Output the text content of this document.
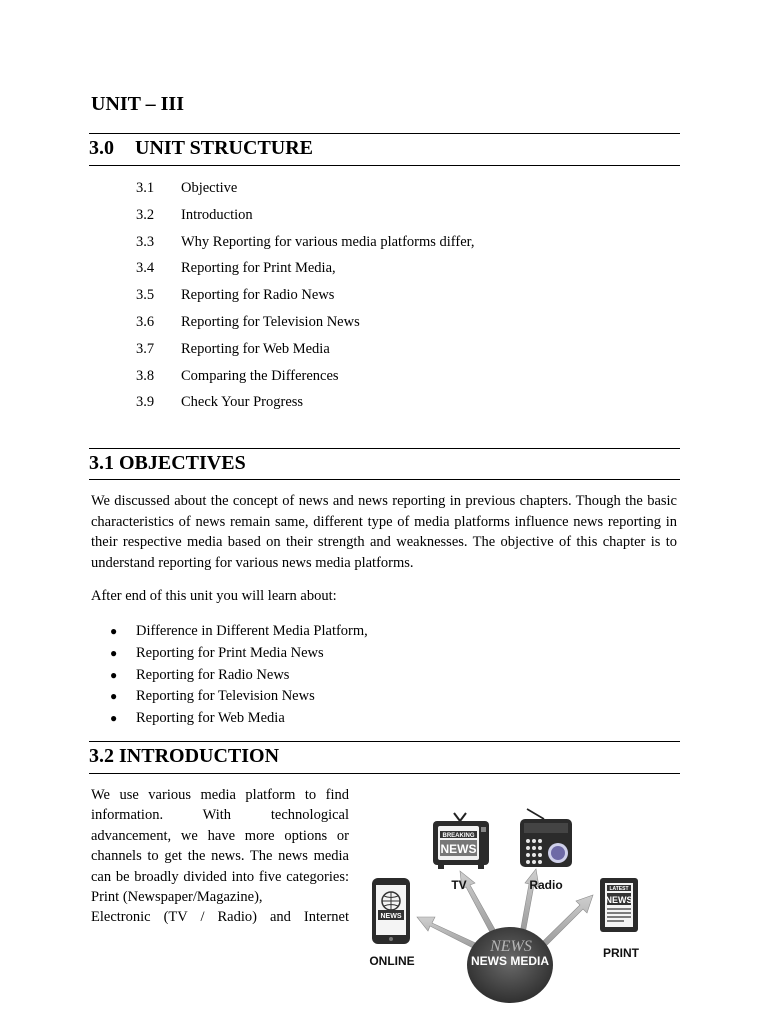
UNIT – III
3.0 UNIT STRUCTURE
3.1 Objective
3.2 Introduction
3.3 Why Reporting for various media platforms differ,
3.4 Reporting for Print Media,
3.5 Reporting for Radio News
3.6 Reporting for Television News
3.7 Reporting for Web Media
3.8 Comparing the Differences
3.9 Check Your Progress
3.1 OBJECTIVES

We discussed about the concept of news and news reporting in previous chapters. Though the basic characteristics of news remain same, different type of media platforms influence news reporting in their respective media based on their strength and weaknesses. The objective of this chapter is to understand reporting for various news media platforms.

After end of this unit you will learn about:

● Difference in Different Media Platform,
● Reporting for Print Media News
● Reporting for Radio News
● Reporting for Television News
● Reporting for Web Media
3.2 INTRODUCTION

We use various media platform to find information. With technological advancement, we have more options or channels to get the news. The news media can be broadly divided into five categories: Print (Newspaper/Magazine),
Electronic (TV / Radio) and Internet

NEWS
NEWS MEDIA
BREAKING
NEWS
TV	Radio
NEWS
ONLINE
LATEST
NEWS
PRINT
